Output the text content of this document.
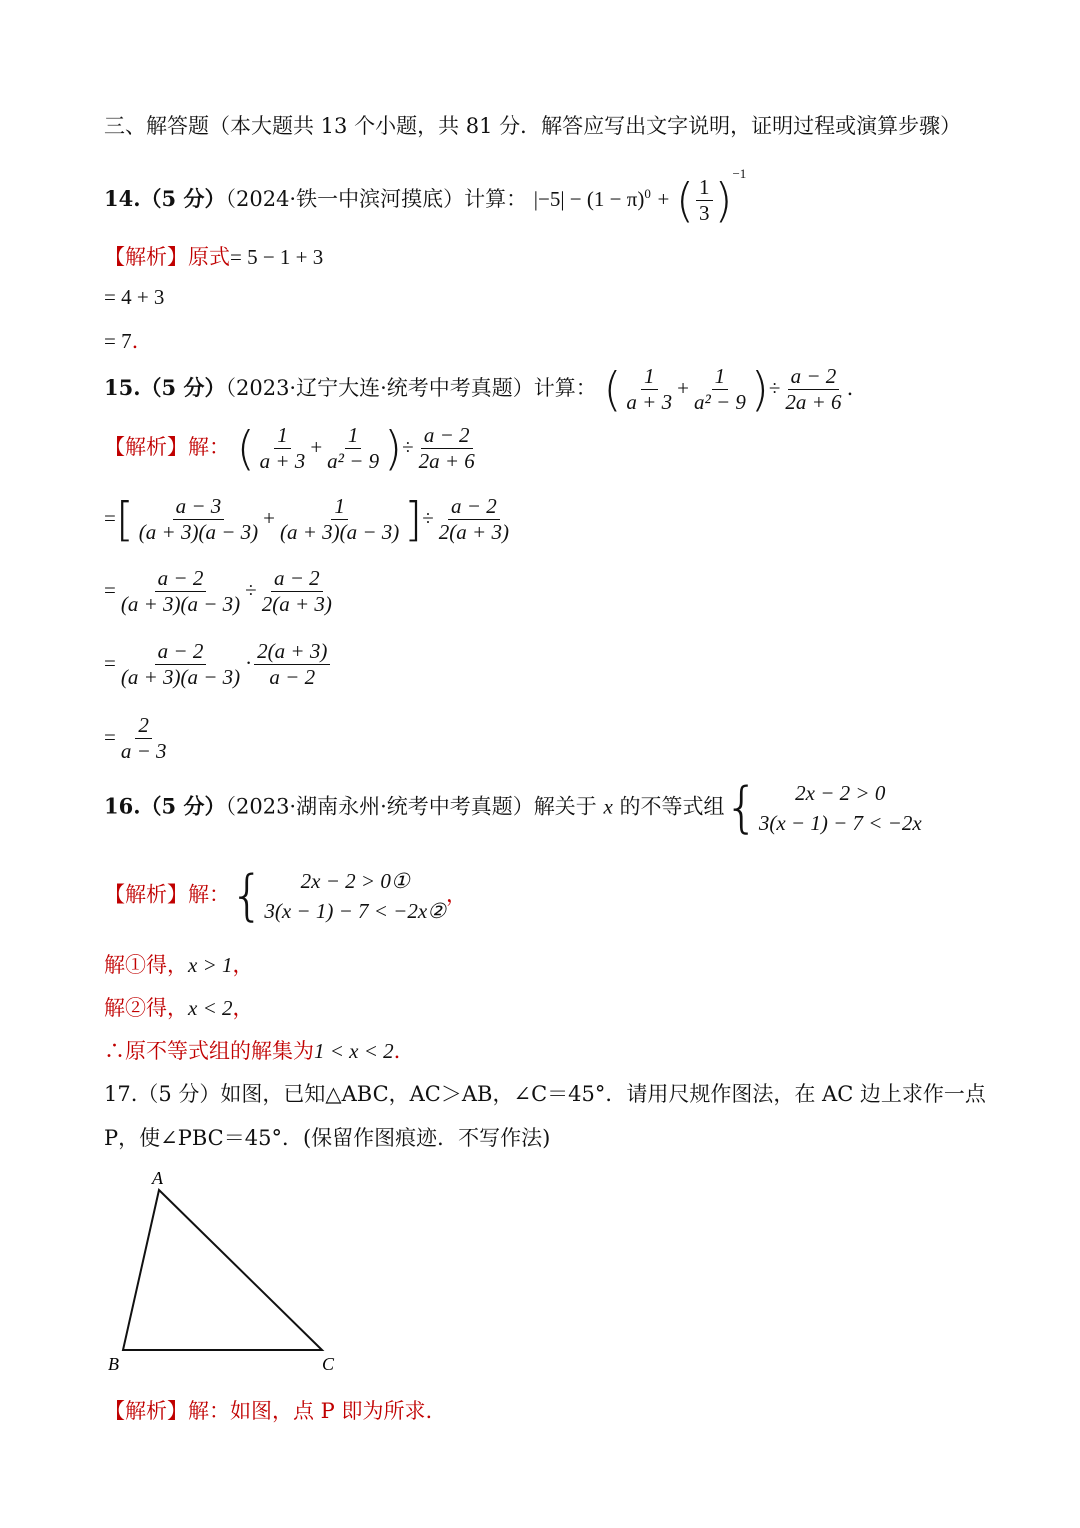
三、解答题（本大题共 13 个小题，共 81 分．解答应写出文字说明，证明过程或演算步骤）
14.（5 分）（2024·铁一中滨河摸底）计算： $|-5| - (1 - \pi)^0$ + ( $\frac{1}{3} )^{-1}$
【解析】原式= 5 − 1 + 3
= 4 + 3
= 7.
15.（5 分）（2023·辽宁大连·统考中考真题）计算： ( $\frac{1}{a + 3} + \frac{1}{\text{a² − 9}}$ )÷ $\frac{a - 2}{2a + 6}$ .
【解析】解： ( $\frac{1}{a + 3} + \frac{1}{\text{a² − 9}}$ )÷ $\frac{a - 2}{2a + 6}$
=[ $\frac{a - 3}{(a + 3)(a - 3)} + \frac{1}{(a + 3)(a - 3)}$ ]÷ $\frac{a - 2}{2(a + 3)}$
= $\frac{a - 2}{(a + 3)(a - 3)} \div \frac{a - 2}{2(a + 3)}$
= $\frac{a - 2}{(a + 3)(a - 3)} \cdot \frac{2(a + 3)}{a - 2}$
= $\frac{2}{a - 3}$
16.（5 分）（2023·湖南永州·统考中考真题）解关于 x 的不等式组{	2x − 2 > 0
3(x − 1) − 7 < −2x
【解析】解：{	2x − 2 > 0①
3(x − 1) − 7 < −2x②
，
解①得，x > 1，
解②得，x < 2，
∴原不等式组的解集为1 < x < 2.
17.（5 分）如图，已知△ABC，AC＞AB，∠C＝45°．请用尺规作图法，在 AC 边上求作一点
P，使∠PBC＝45°．(保留作图痕迹．不写作法)
A
B	C
【解析】解：如图，点 P 即为所求.
